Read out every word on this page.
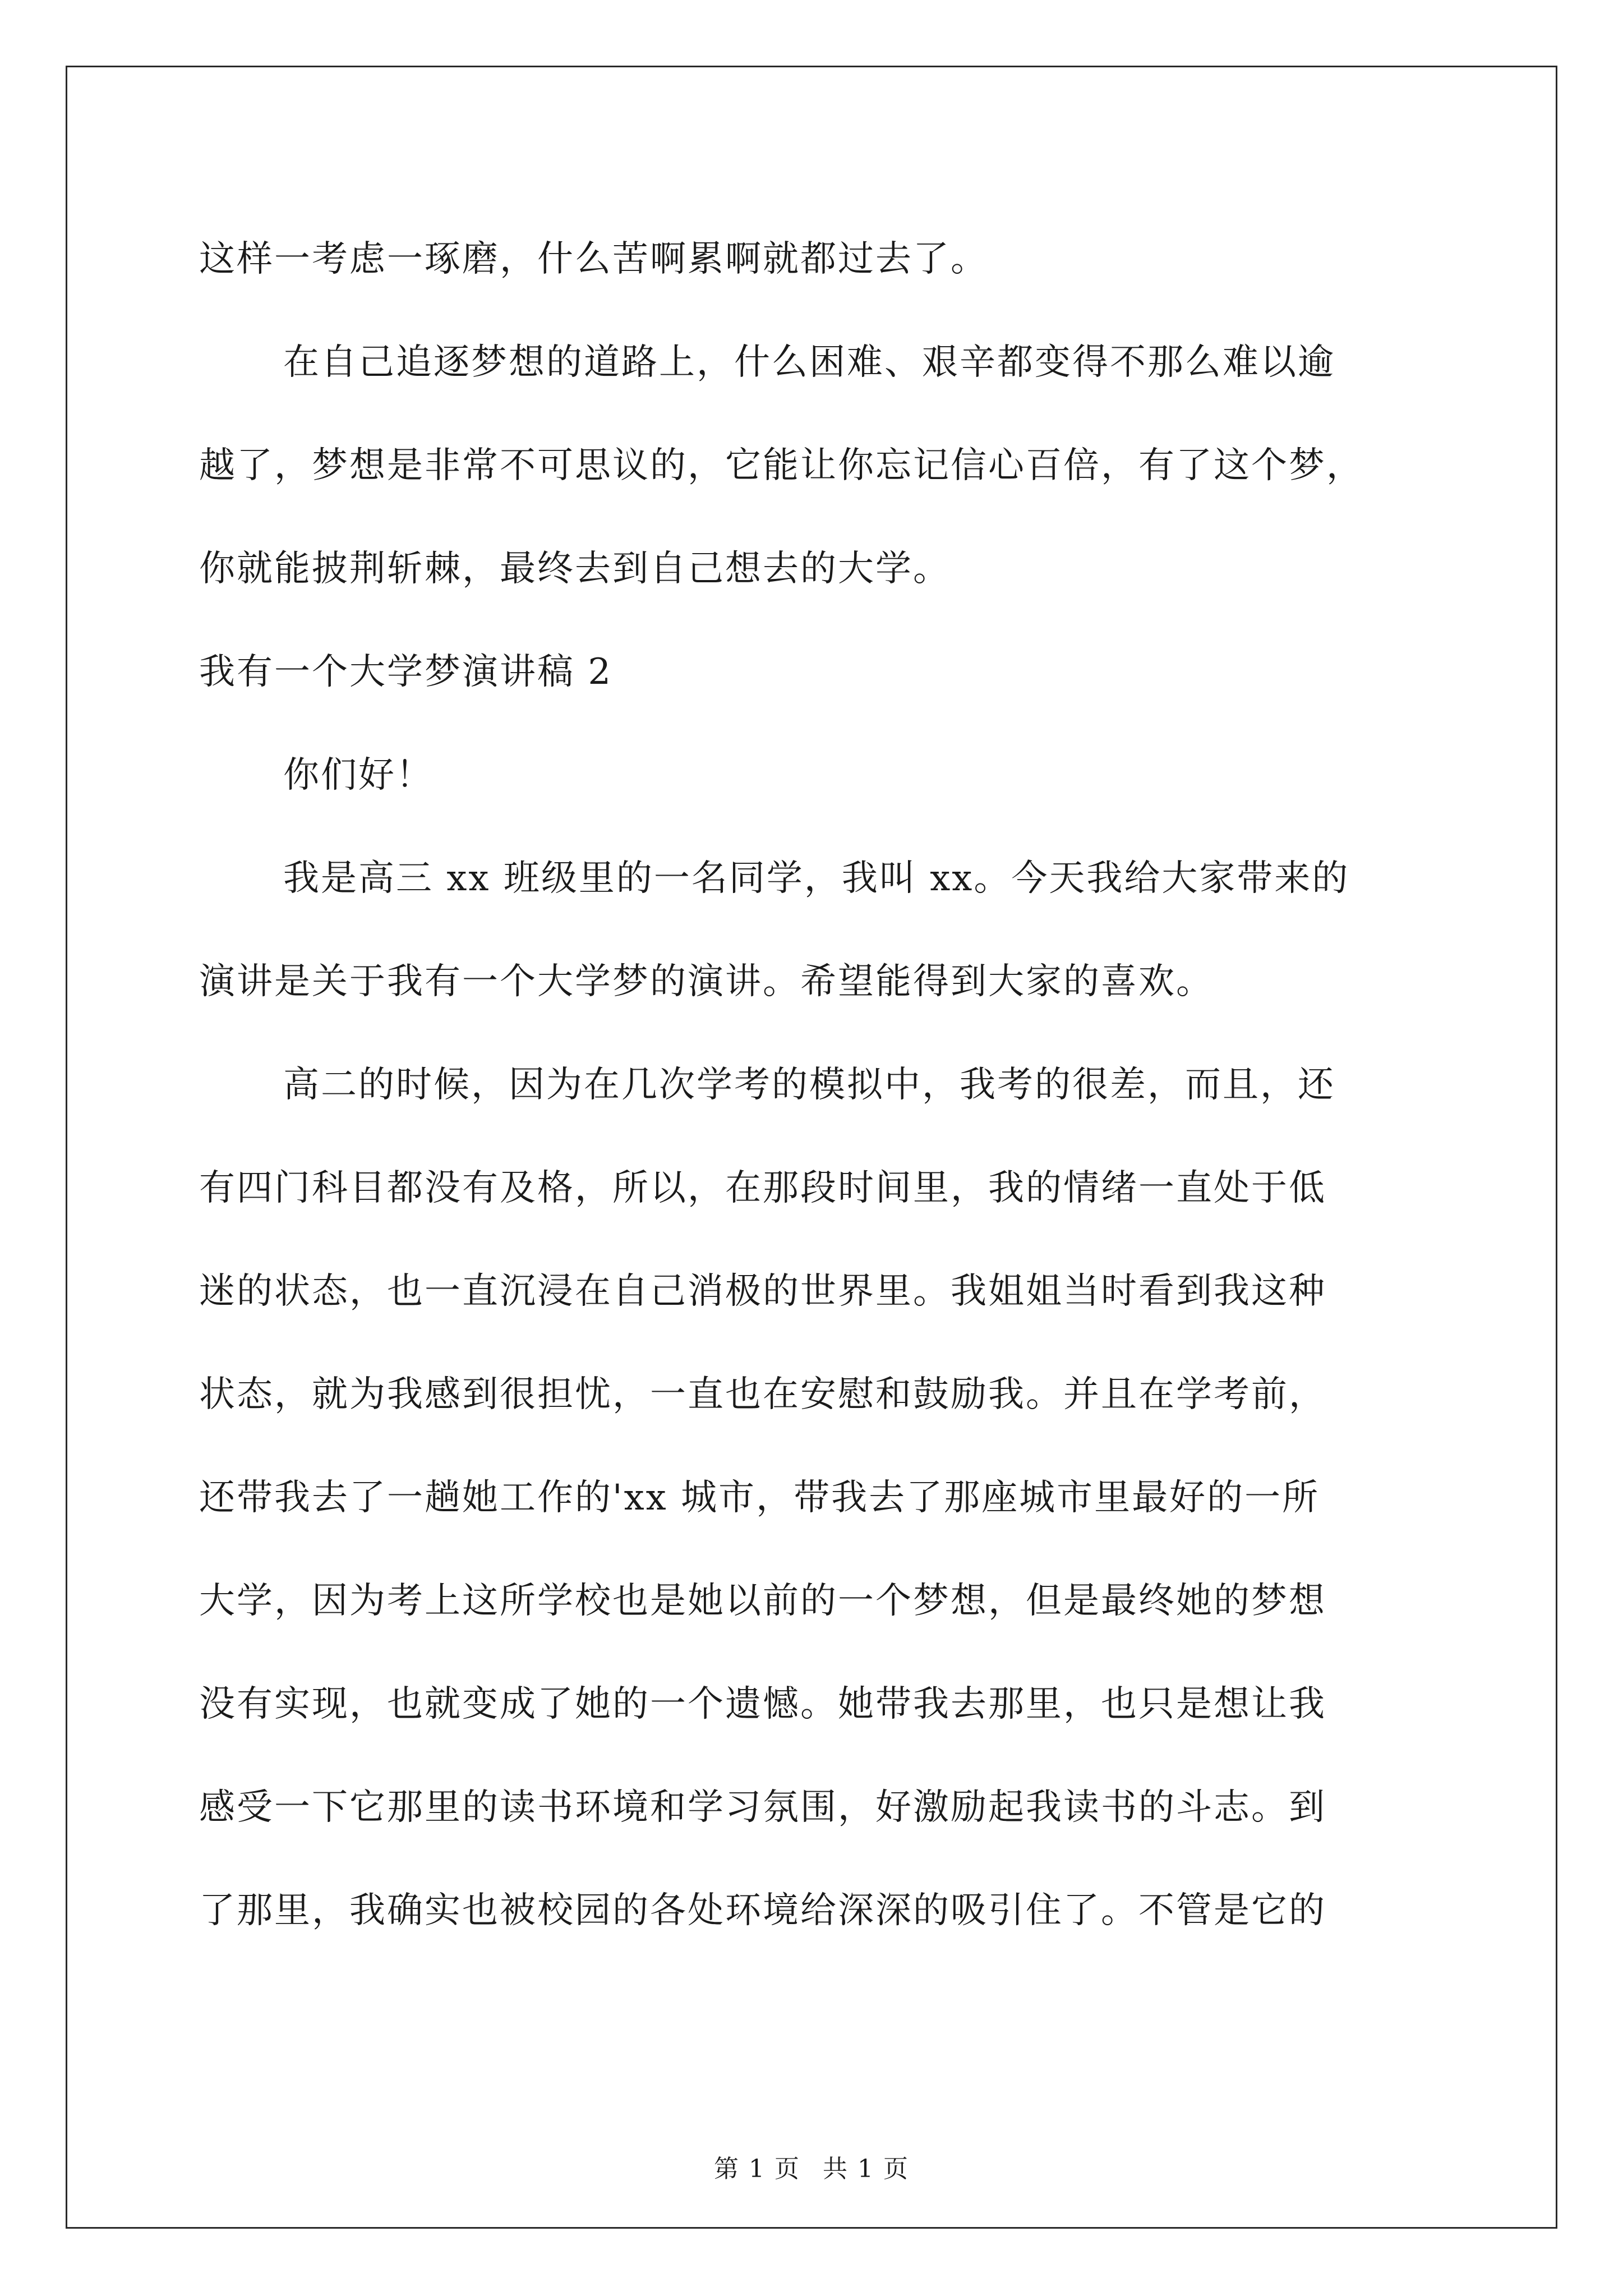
这样一考虑一琢磨，什么苦啊累啊就都过去了。
在自己追逐梦想的道路上，什么困难、艰辛都变得不那么难以逾
越了，梦想是非常不可思议的，它能让你忘记信心百倍，有了这个梦，
你就能披荆斩棘，最终去到自己想去的大学。
我有一个大学梦演讲稿 2
你们好！
我是高三 xx 班级里的一名同学，我叫 xx。今天我给大家带来的
演讲是关于我有一个大学梦的演讲。希望能得到大家的喜欢。
高二的时候，因为在几次学考的模拟中，我考的很差，而且，还
有四门科目都没有及格，所以，在那段时间里，我的情绪一直处于低
迷的状态，也一直沉浸在自己消极的世界里。我姐姐当时看到我这种
状态，就为我感到很担忧，一直也在安慰和鼓励我。并且在学考前，
还带我去了一趟她工作的'xx 城市，带我去了那座城市里最好的一所
大学，因为考上这所学校也是她以前的一个梦想，但是最终她的梦想
没有实现，也就变成了她的一个遗憾。她带我去那里，也只是想让我
感受一下它那里的读书环境和学习氛围，好激励起我读书的斗志。到
了那里，我确实也被校园的各处环境给深深的吸引住了。不管是它的
第 1 页 共 1 页
